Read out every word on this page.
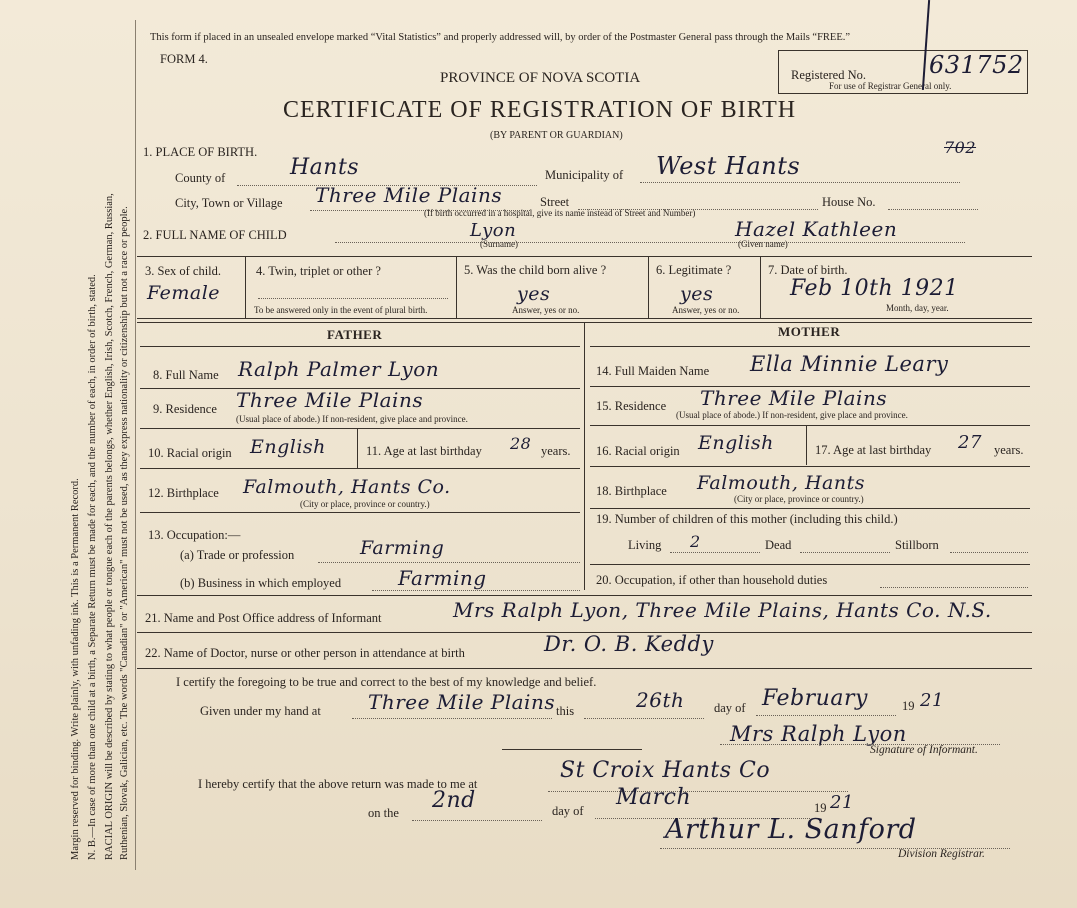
Margin reserved for binding. Write plainly, with unfading ink. This is a Permanent Record. N. B.—In case of more than one child at a birth, a Separate Return must be made for each, and the number of each, in order of birth, stated. RACIAL ORIGIN will be described by stating to what people or tongue each of the parents belongs, whether English, Irish, Scotch, French, German, Russian, Ruthenian, Slovak, Galician, etc. The words "Canadian" or "American" must not be used, as they express nationality or citizenship but not a race or people.
This form if placed in an unsealed envelope marked “Vital Statistics” and properly addressed will, by order of the Postmaster General pass through the Mails “FREE.”
FORM 4.
PROVINCE OF NOVA SCOTIA
CERTIFICATE OF REGISTRATION OF BIRTH
(BY PARENT OR GUARDIAN)
Registered No.	631752
For use of Registrar General only.
702
1. PLACE OF BIRTH.
County of	Hants	Municipality of West Hants
City, Town or Village Three Mile Plains	Street	House No.
(If birth occurred in a hospital, give its name instead of Street and Number)
2. FULL NAME OF CHILD	Lyon
(Surname)
Hazel Kathleen
(Given name)
3. Sex of child.
Female
4. Twin, triplet or other ?
To be answered only in the event of plural birth.
5. Was the child born alive ?
yes
Answer, yes or no.
6. Legitimate ?
yes
Answer, yes or no.
7. Date of birth.
Feb 10th 1921
Month, day, year.
FATHER	MOTHER
8. Full Name Ralph Palmer Lyon
9. Residence Three Mile Plains
(Usual place of abode.) If non-resident, give place and province.
10. Racial origin English	11. Age at last birthday 28 years.
12. Birthplace Falmouth, Hants Co.
(City or place, province or country.)
13. Occupation:—
(a) Trade or profession	Farming
(b) Business in which employed	Farming
14. Full Maiden Name Ella Minnie Leary
15. Residence Three Mile Plains
(Usual place of abode.) If non-resident, give place and province.
16. Racial origin English	17. Age at last birthday 27 years.
18. Birthplace Falmouth, Hants
(City or place, province or country.)
19. Number of children of this mother (including this child.)
Living 2	Dead	Stillborn
20. Occupation, if other than household duties
21. Name and Post Office address of Informant	Mrs Ralph Lyon, Three Mile Plains, Hants Co. N.S.
22. Name of Doctor, nurse or other person in attendance at birth	Dr. O. B. Keddy
I certify the foregoing to be true and correct to the best of my knowledge and belief.
Given under my hand at Three Mile Plains this	26th day of February	19 21
Mrs Ralph Lyon
Signature of Informant.
I hereby certify that the above return was made to me at
St Croix Hants Co
on the 2nd	day of
March	19 21
Arthur L. Sanford
Division Registrar.
